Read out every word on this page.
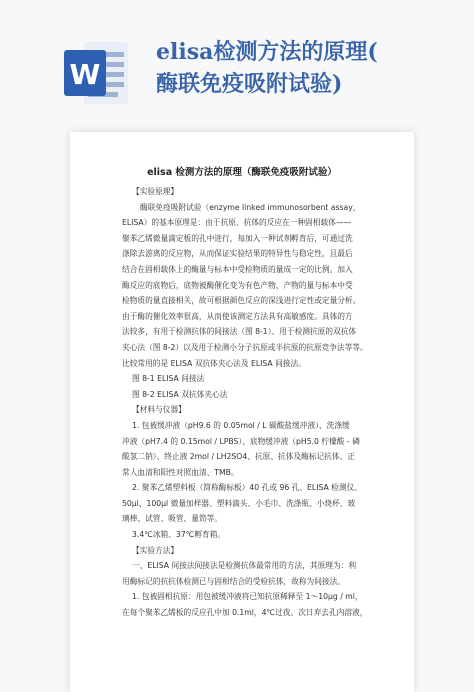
W
elisa检测方法的原理(
酶联免疫吸附试验)
elisa 检测方法的原理（酶联免疫吸附试验）
【实验原理】
酶联免疫吸附试验（enzyme linked immunosorbent assay，
ELISA）的基本原理是：由于抗原、抗体的反应在一种固相载体——
聚苯乙烯微量滴定板的孔中进行，每加入一种试剂孵育后，可通过洗
涤除去游离的反应物，从而保证实验结果的特异性与稳定性，且最后
结合在固相载体上的酶量与标本中受检物质的量成一定的比例。加入
酶反应的底物后，底物被酶催化变为有色产物，产物的量与标本中受
检物质的量直接相关，故可根据颜色反应的深浅进行定性或定量分析。
由于酶的催化效率很高，从而使该测定方法具有高敏感度。具体的方
法较多，有用于检测抗体的间接法（图 8-1）、用于检测抗原的双抗体
夹心法（图 8-2）以及用于检测小分子抗原或半抗原的抗原竞争法等等。
比较常用的是 ELISA 双抗体夹心法及 ELISA 间接法。
图 8-1 ELISA 间接法
图 8-2 ELISA 双抗体夹心法
【材料与仪器】
1. 包被缓冲液（pH9.6 的 0.05mol / L 碳酸盐缓冲液）、洗涤缓
冲液（pH7.4 的 0.15mol / LPBS）、底物缓冲液（pH5.0 柠檬酸 - 磷
酸氢二钠）、终止液 2mol / LH2SO4、抗原、抗体及酶标记抗体、正
常人血清和阳性对照血清、TMB。
2. 聚苯乙烯塑料板（简称酶标板）40 孔或 96 孔、ELISA 检测仪、
50μl、100μl 微量加样器、塑料滴头、小毛巾、洗涤瓶、小烧杯、玻
璃棒、试管、吸管、量筒等。
3.4℃冰箱、37℃孵育箱。
【实验方法】
一、ELISA 间接法间接法是检测抗体最常用的方法，其原理为：利
用酶标记的抗抗体检测已与固相结合的受检抗体，故称为间接法。
1. 包被固相抗原：用包被缓冲液将已知抗原稀释至 1～10μg / ml，
在每个聚苯乙烯板的反应孔中加 0.1ml，4℃过夜。次日弃去孔内溶液，
